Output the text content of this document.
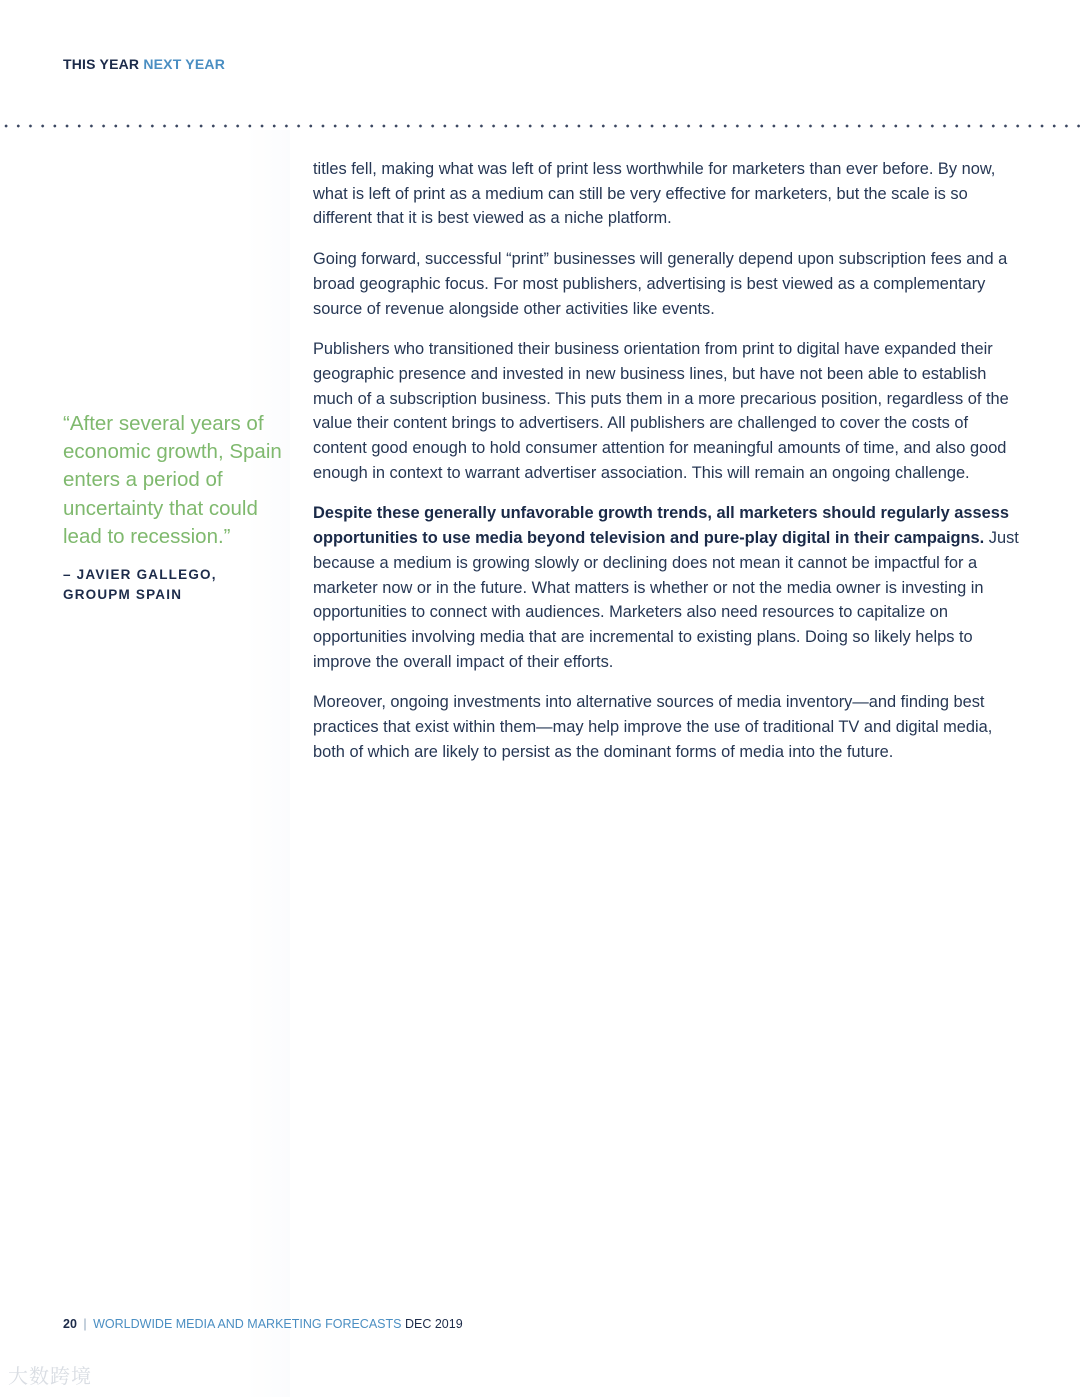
THIS YEAR NEXT YEAR

“After several years of economic growth, Spain enters a period of uncertainty that could lead to recession.”

– JAVIER GALLEGO,
GROUPM SPAIN

titles fell, making what was left of print less worthwhile for marketers than ever before. By now, what is left of print as a medium can still be very effective for marketers, but the scale is so different that it is best viewed as a niche platform.

Going forward, successful “print” businesses will generally depend upon subscription fees and a broad geographic focus. For most publishers, advertising is best viewed as a complementary source of revenue alongside other activities like events.

Publishers who transitioned their business orientation from print to digital have expanded their geographic presence and invested in new business lines, but have not been able to establish much of a subscription business. This puts them in a more precarious position, regardless of the value their content brings to advertisers. All publishers are challenged to cover the costs of content good enough to hold consumer attention for meaningful amounts of time, and also good enough in context to warrant advertiser association. This will remain an ongoing challenge.

Despite these generally unfavorable growth trends, all marketers should regularly assess opportunities to use media beyond television and pure-play digital in their campaigns. Just because a medium is growing slowly or declining does not mean it cannot be impactful for a marketer now or in the future. What matters is whether or not the media owner is investing in opportunities to connect with audiences. Marketers also need resources to capitalize on opportunities involving media that are incremental to existing plans. Doing so likely helps to improve the overall impact of their efforts.

Moreover, ongoing investments into alternative sources of media inventory—and finding best practices that exist within them—may help improve the use of traditional TV and digital media, both of which are likely to persist as the dominant forms of media into the future.

20 | WORLDWIDE MEDIA AND MARKETING FORECASTS DEC 2019
大数跨境
